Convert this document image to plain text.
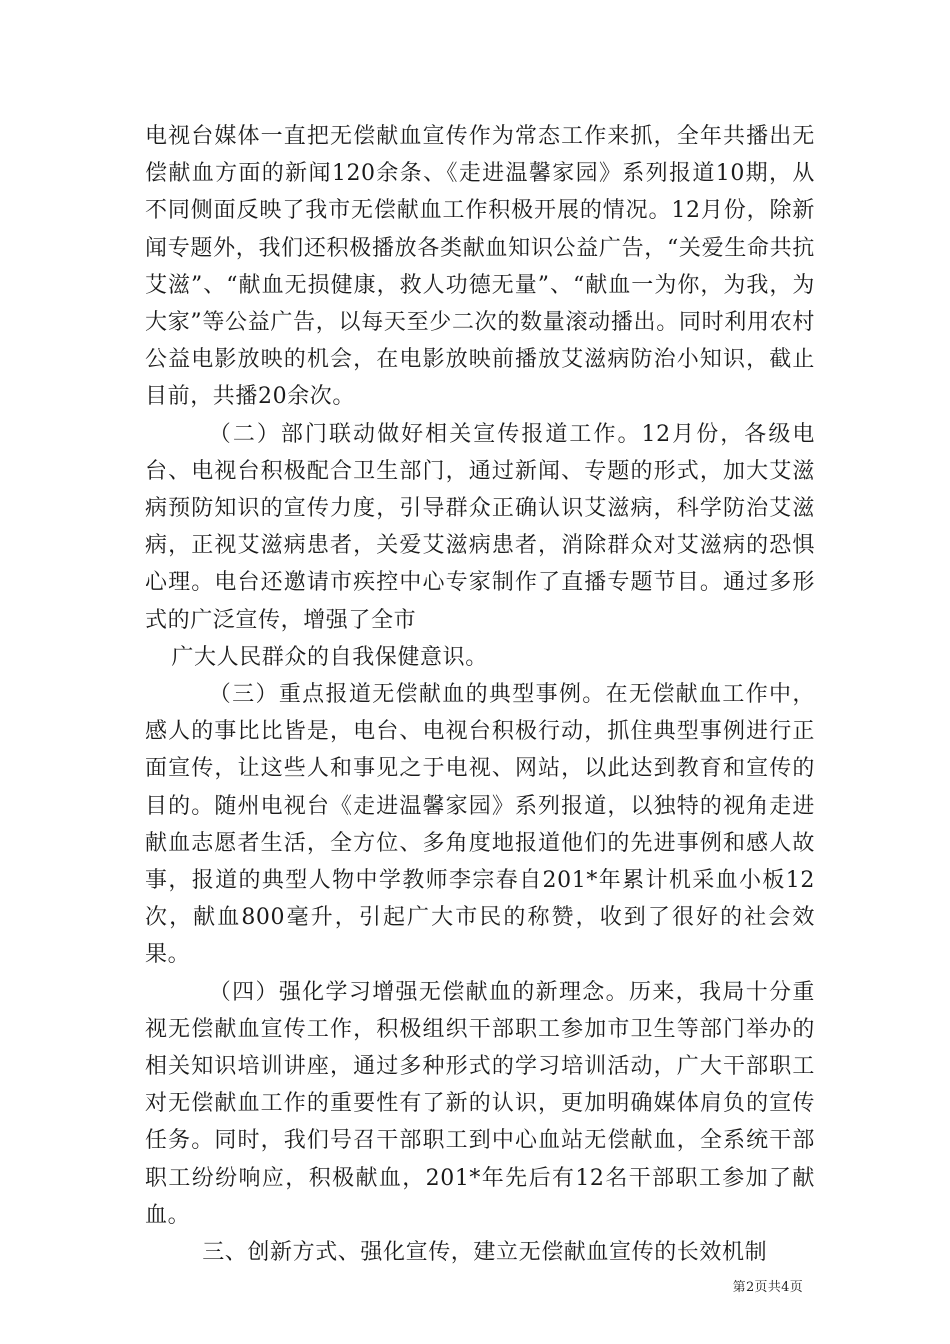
电视台媒体一直把无偿献血宣传作为常态工作来抓，全年共播出无偿献血方面的新闻120余条、《走进温馨家园》系列报道10期，从不同侧面反映了我市无偿献血工作积极开展的情况。12月份，除新闻专题外，我们还积极播放各类献血知识公益广告，“关爱生命共抗艾滋”、“献血无损健康，救人功德无量”、“献血一为你，为我，为大家”等公益广告，以每天至少二次的数量滚动播出。同时利用农村公益电影放映的机会，在电影放映前播放艾滋病防治小知识，截止目前，共播20余次。

（二）部门联动做好相关宣传报道工作。12月份，各级电台、电视台积极配合卫生部门，通过新闻、专题的形式，加大艾滋病预防知识的宣传力度，引导群众正确认识艾滋病，科学防治艾滋病，正视艾滋病患者，关爱艾滋病患者，消除群众对艾滋病的恐惧心理。电台还邀请市疾控中心专家制作了直播专题节目。通过多形式的广泛宣传，增强了全市

广大人民群众的自我保健意识。

（三）重点报道无偿献血的典型事例。在无偿献血工作中，感人的事比比皆是，电台、电视台积极行动，抓住典型事例进行正面宣传，让这些人和事见之于电视、网站，以此达到教育和宣传的目的。随州电视台《走进温馨家园》系列报道，以独特的视角走进献血志愿者生活，全方位、多角度地报道他们的先进事例和感人故事，报道的典型人物中学教师李宗春自201*年累计机采血小板12次，献血800毫升，引起广大市民的称赞，收到了很好的社会效果。

（四）强化学习增强无偿献血的新理念。历来，我局十分重视无偿献血宣传工作，积极组织干部职工参加市卫生等部门举办的相关知识培训讲座，通过多种形式的学习培训活动，广大干部职工对无偿献血工作的重要性有了新的认识，更加明确媒体肩负的宣传任务。同时，我们号召干部职工到中心血站无偿献血，全系统干部职工纷纷响应，积极献血，201*年先后有12名干部职工参加了献血。

三、创新方式、强化宣传，建立无偿献血宣传的长效机制

第2页共4页
